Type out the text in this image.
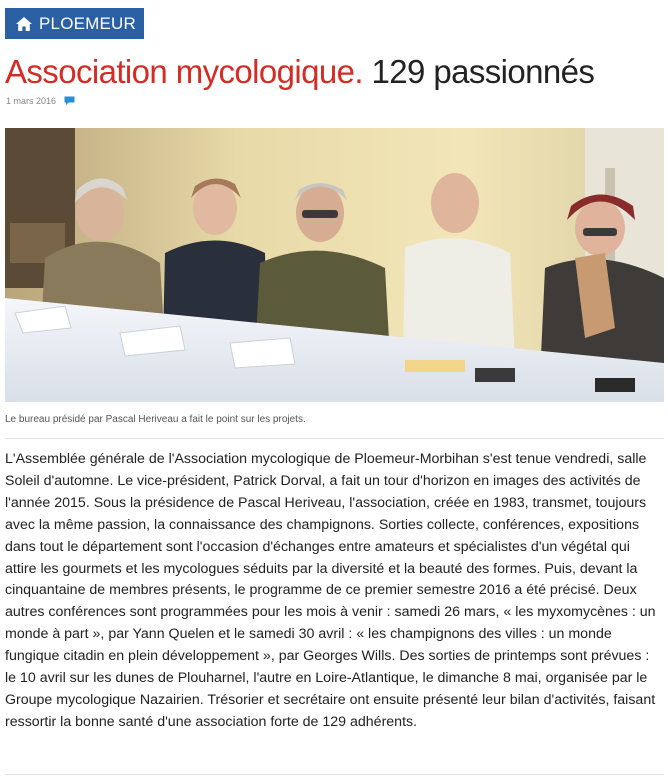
PLOEMEUR
Association mycologique. 129 passionnés
1 mars 2016
Le bureau présidé par Pascal Heriveau a fait le point sur les projets.

L'Assemblée générale de l'Association mycologique de Ploemeur-Morbihan s'est tenue vendredi, salle Soleil d'automne. Le vice-président, Patrick Dorval, a fait un tour d'horizon en images des activités de l'année 2015. Sous la présidence de Pascal Heriveau, l'association, créée en 1983, transmet, toujours avec la même passion, la connaissance des champignons. Sorties collecte, conférences, expositions dans tout le département sont l'occasion d'échanges entre amateurs et spécialistes d'un végétal qui attire les gourmets et les mycologues séduits par la diversité et la beauté des formes. Puis, devant la cinquantaine de membres présents, le programme de ce premier semestre 2016 a été précisé. Deux autres conférences sont programmées pour les mois à venir : samedi 26 mars, « les myxomycènes : un monde à part », par Yann Quelen et le samedi 30 avril : « les champignons des villes : un monde fungique citadin en plein développement », par Georges Wills. Des sorties de printemps sont prévues : le 10 avril sur les dunes de Plouharnel, l'autre en Loire-Atlantique, le dimanche 8 mai, organisée par le Groupe mycologique Nazairien. Trésorier et secrétaire ont ensuite présenté leur bilan d'activités, faisant ressortir la bonne santé d'une association forte de 129 adhérents.
